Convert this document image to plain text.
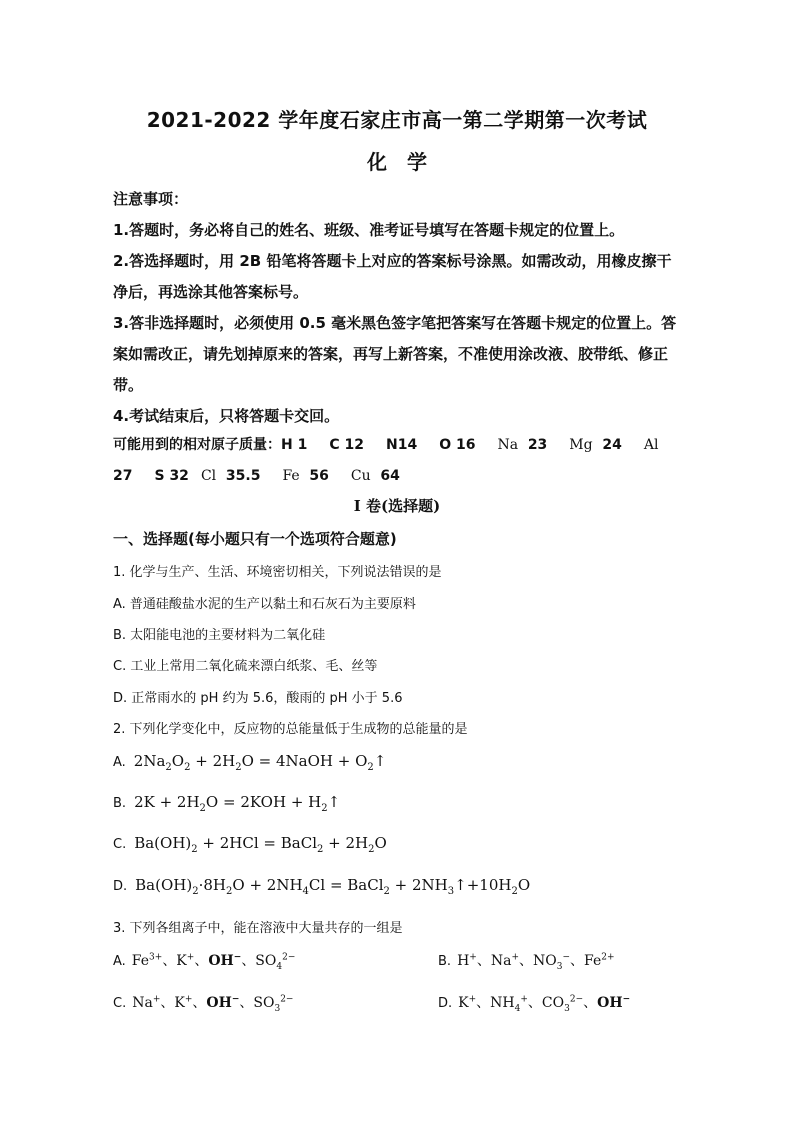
2021-2022 学年度石家庄市高一第二学期第一次考试
化　学
注意事项：
1.答题时，务必将自己的姓名、班级、准考证号填写在答题卡规定的位置上。
2.答选择题时，用 2B 铅笔将答题卡上对应的答案标号涂黑。如需改动，用橡皮擦干
净后，再选涂其他答案标号。
3.答非选择题时，必须使用 0.5 毫米黑色签字笔把答案写在答题卡规定的位置上。答
案如需改正，请先划掉原来的答案，再写上新答案，不准使用涂改液、胶带纸、修正
带。
4.考试结束后，只将答题卡交回。
可能用到的相对原子质量：H 1 C 12 N14 O 16 Na 23 Mg 24 Al
27 S 32 Cl 35.5 Fe 56 Cu 64
I 卷(选择题)
一、选择题(每小题只有一个选项符合题意)
1. 化学与生产、生活、环境密切相关，下列说法错误的是
A. 普通硅酸盐水泥的生产以黏土和石灰石为主要原料
B. 太阳能电池的主要材料为二氧化硅
C. 工业上常用二氧化硫来漂白纸浆、毛、丝等
D. 正常雨水的 pH 约为 5.6，酸雨的 pH 小于 5.6
2. 下列化学变化中，反应物的总能量低于生成物的总能量的是
A. $2Na_2O_2 + 2H_2O$ = 4NaOH + $O_2↑$
B. $2K + 2H_2O = 2KOH$ + $H_2↑$
C. $Ba(OH)_2 + 2HCl$ = BaCl$_2$ + $2H_2O$
D. $Ba(OH)_2\cdot 8H_2O + 2NH_4Cl$ = BaCl$_2$ + $2NH_3↑+10H_2O$
3. 下列各组离子中，能在溶液中大量共存的一组是
A. $Fe^{3+}$、K+、OH−、$SO_4^{2-}$	B. H+、Na+、$NO_3^-$、$Fe^{2+}$
C. Na+、K+、OH−、$SO_3^{2-}$	D. K+、$NH_4^+$、$CO_3^{2-}$、OH−
